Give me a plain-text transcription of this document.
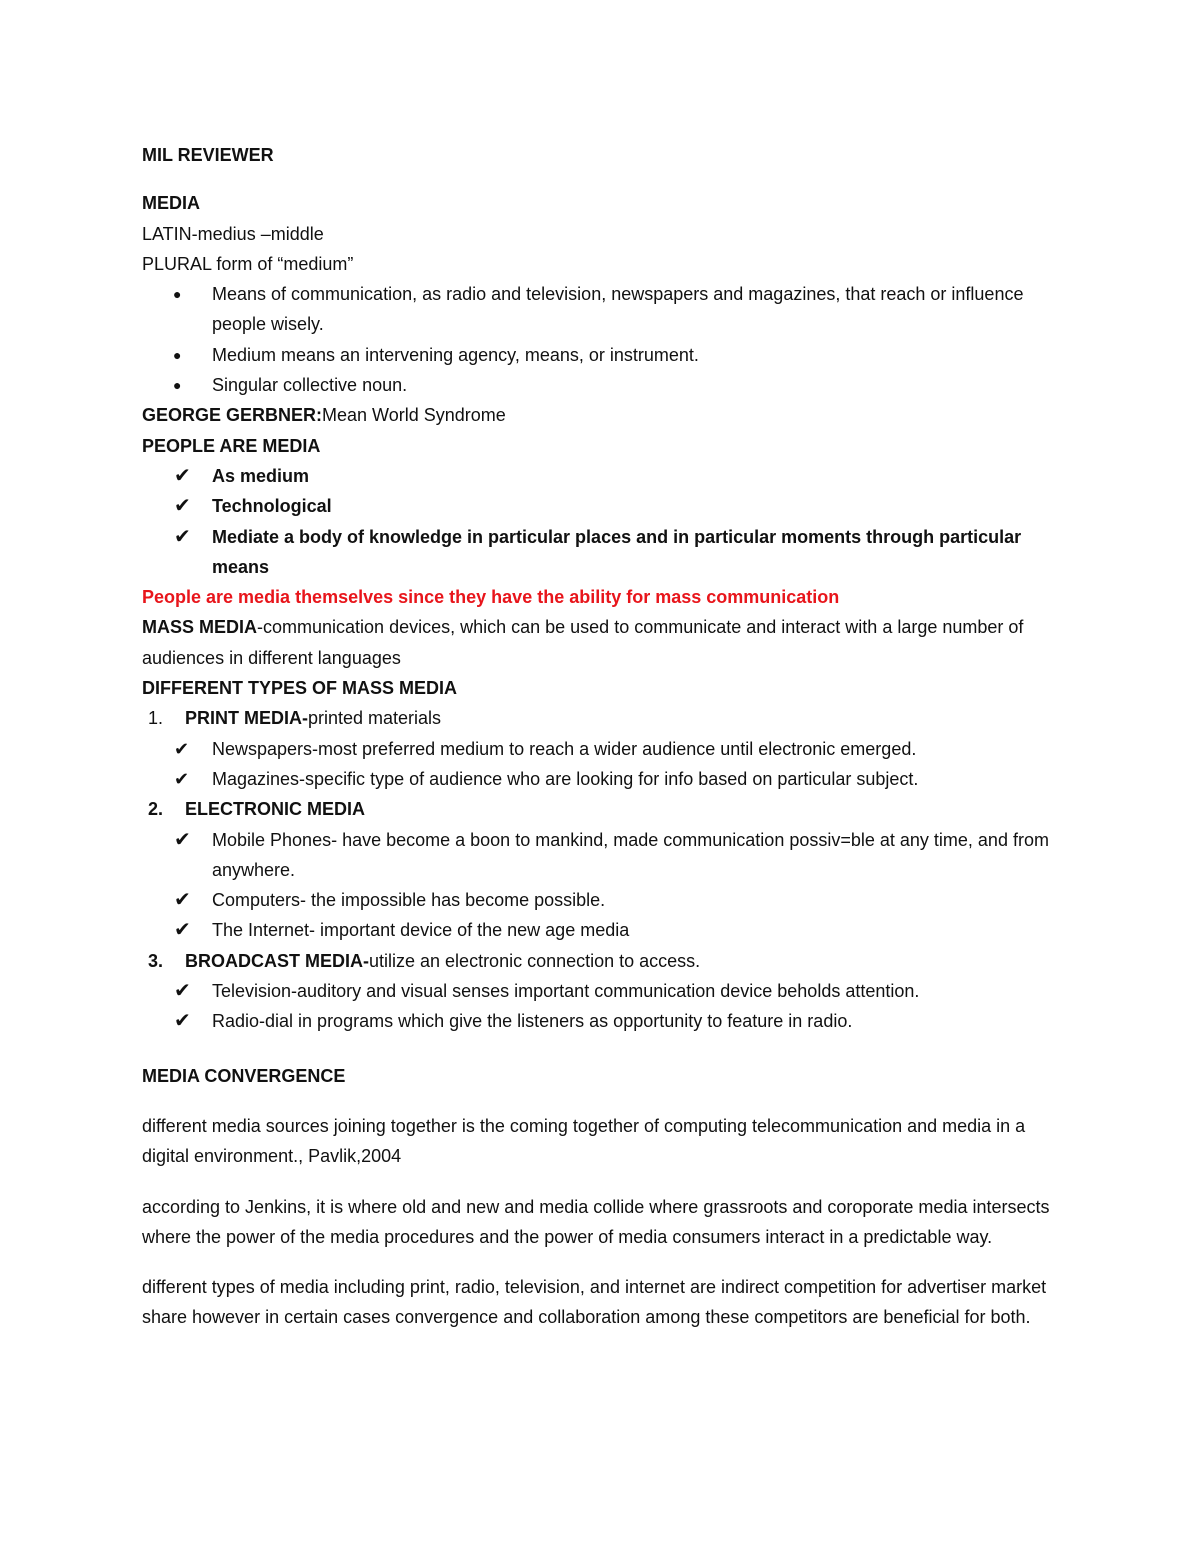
MIL REVIEWER

MEDIA

LATIN-medius –middle

PLURAL form of “medium”

●	Means of communication, as radio and television, newspapers and magazines, that reach or influence people wisely.
●	Medium means an intervening agency, means, or instrument.
●	Singular collective noun.

GEORGE GERBNER:Mean World Syndrome

PEOPLE ARE MEDIA

✔	As medium
✔	Technological
✔	Mediate a body of knowledge in particular places and in particular moments through particular means

People are media themselves since they have the ability for mass communication

MASS MEDIA-communication devices, which can be used to communicate and interact with a large number of audiences in different languages

DIFFERENT TYPES OF MASS MEDIA

1. PRINT MEDIA-printed materials
✔	Newspapers-most preferred medium to reach a wider audience until electronic emerged.
✔	Magazines-specific type of audience who are looking for info based on particular subject.
2. ELECTRONIC MEDIA
✔	Mobile Phones- have become a boon to mankind, made communication possiv=ble at any time, and from anywhere.
✔	Computers- the impossible has become possible.
✔	The Internet- important device of the new age media
3. BROADCAST MEDIA-utilize an electronic connection to access.
✔	Television-auditory and visual senses important communication device beholds attention.
✔	Radio-dial in programs which give the listeners as opportunity to feature in radio.

MEDIA CONVERGENCE

different media sources joining together is the coming together of computing telecommunication and media in a digital environment., Pavlik,2004

according to Jenkins, it is where old and new and media collide where grassroots and coroporate media intersects where the power of the media procedures and the power of media consumers interact in a predictable way.

different types of media including print, radio, television, and internet are indirect competition for advertiser market share however in certain cases convergence and collaboration among these competitors are beneficial for both.
